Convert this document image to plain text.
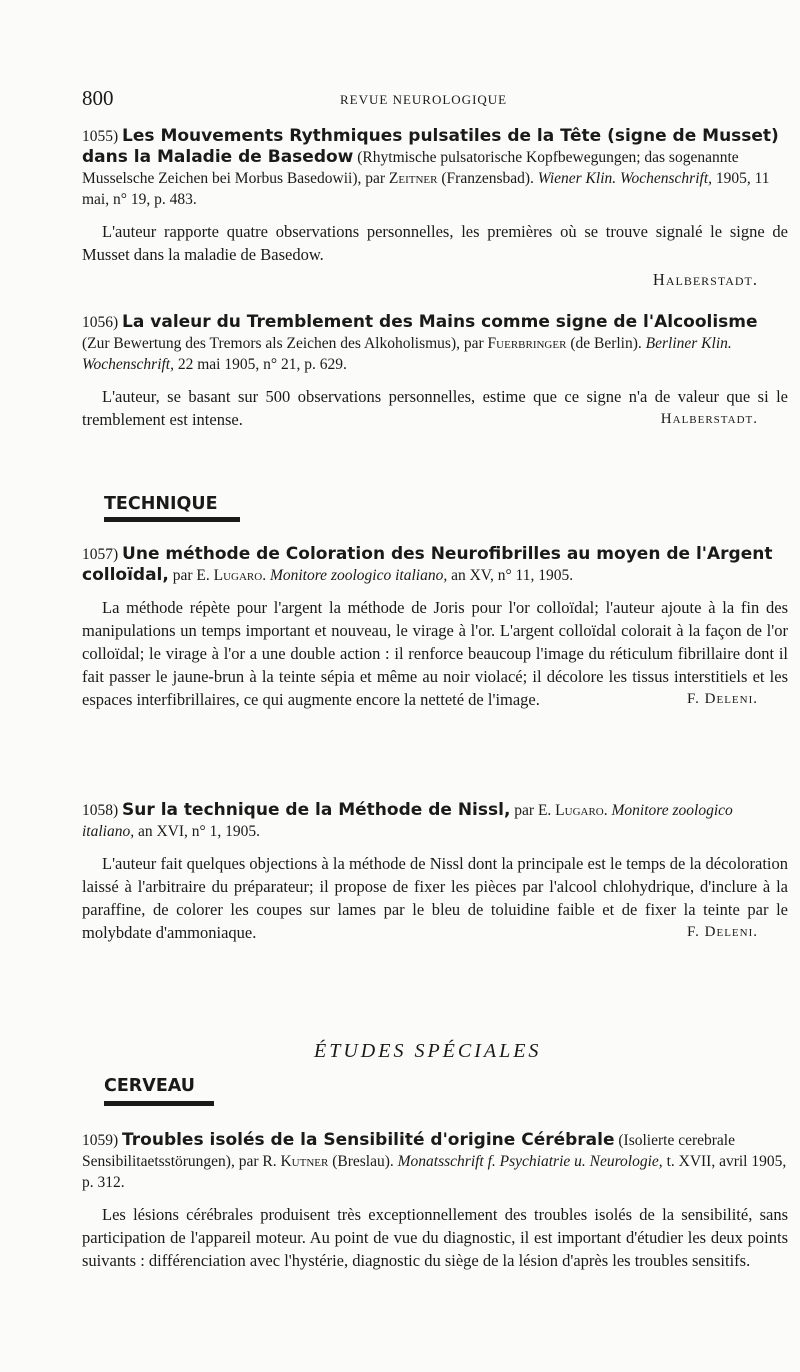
800	REVUE NEUROLOGIQUE

1055) Les Mouvements Rythmiques pulsatiles de la Tête (signe de Musset) dans la Maladie de Basedow (Rhytmische pulsatorische Kopfbewegungen; das sogenannte Musselsche Zeichen bei Morbus Basedowii), par Zeitner (Franzensbad). Wiener Klin. Wochenschrift, 1905, 11 mai, n° 19, p. 483.

L'auteur rapporte quatre observations personnelles, les premières où se trouve signalé le signe de Musset dans la maladie de Basedow.

Halberstadt.

1056) La valeur du Tremblement des Mains comme signe de l'Alcoolisme (Zur Bewertung des Tremors als Zeichen des Alkoholismus), par Fuerbringer (de Berlin). Berliner Klin. Wochenschrift, 22 mai 1905, n° 21, p. 629.

L'auteur, se basant sur 500 observations personnelles, estime que ce signe n'a de valeur que si le tremblement est intense.	Halberstadt.

TECHNIQUE

1057) Une méthode de Coloration des Neurofibrilles au moyen de l'Argent colloïdal, par E. Lugaro. Monitore zoologico italiano, an XV, n° 11, 1905.

La méthode répète pour l'argent la méthode de Joris pour l'or colloïdal; l'auteur ajoute à la fin des manipulations un temps important et nouveau, le virage à l'or. L'argent colloïdal colorait à la façon de l'or colloïdal; le virage à l'or a une double action : il renforce beaucoup l'image du réticulum fibrillaire dont il fait passer le jaune-brun à la teinte sépia et même au noir violacé; il décolore les tissus interstitiels et les espaces interfibrillaires, ce qui augmente encore la netteté de l'image.	F. Deleni.

1058) Sur la technique de la Méthode de Nissl, par E. Lugaro. Monitore zoologico italiano, an XVI, n° 1, 1905.

L'auteur fait quelques objections à la méthode de Nissl dont la principale est le temps de la décoloration laissé à l'arbitraire du préparateur; il propose de fixer les pièces par l'alcool chlohydrique, d'inclure à la paraffine, de colorer les coupes sur lames par le bleu de toluidine faible et de fixer la teinte par le molybdate d'ammoniaque.	F. Deleni.

ÉTUDES SPÉCIALES
CERVEAU

1059) Troubles isolés de la Sensibilité d'origine Cérébrale (Isolierte cerebrale Sensibilitaetsstörungen), par R. Kutner (Breslau). Monatsschrift f. Psychiatrie u. Neurologie, t. XVII, avril 1905, p. 312.

Les lésions cérébrales produisent très exceptionnellement des troubles isolés de la sensibilité, sans participation de l'appareil moteur. Au point de vue du diagnostic, il est important d'étudier les deux points suivants : différenciation avec l'hystérie, diagnostic du siège de la lésion d'après les troubles sensitifs.
